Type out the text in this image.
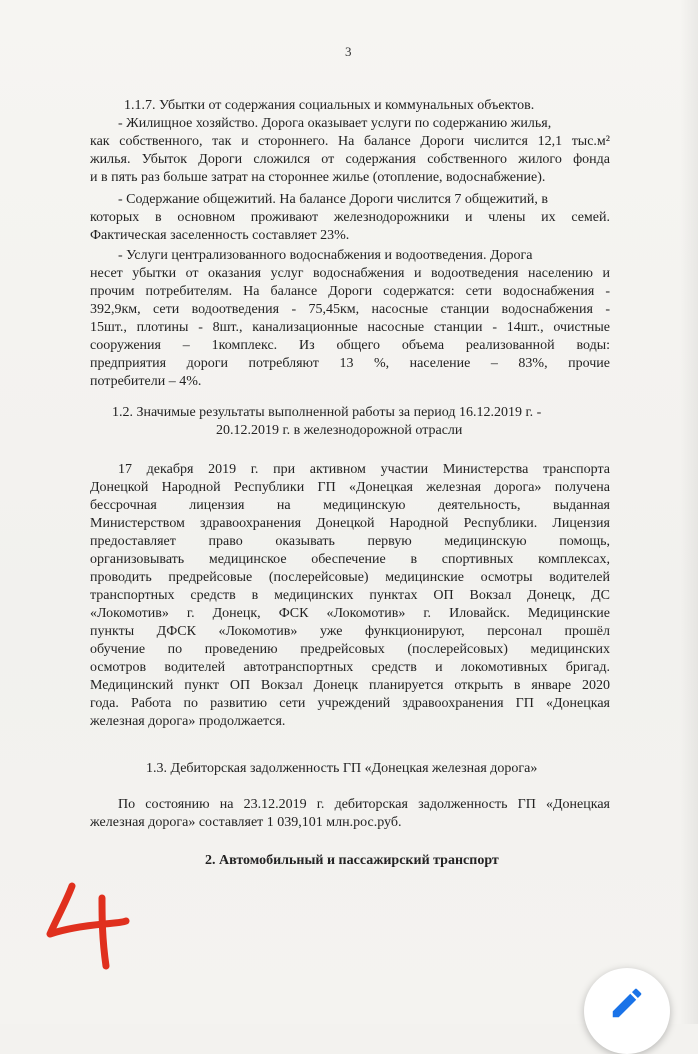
3
1.1.7. Убытки от содержания социальных и коммунальных объектов.
- Жилищное хозяйство. Дорога оказывает услуги по содержанию жилья,
как собственного, так и стороннего. На балансе Дороги числится 12,1 тыс.м²
жилья. Убыток Дороги сложился от содержания собственного жилого фонда
и в пять раз больше затрат на стороннее жилье (отопление, водоснабжение).
- Содержание общежитий. На балансе Дороги числится 7 общежитий, в
которых в основном проживают железнодорожники и члены их семей.
Фактическая заселенность составляет 23%.
- Услуги централизованного водоснабжения и водоотведения. Дорога
несет убытки от оказания услуг водоснабжения и водоотведения населению и
прочим потребителям. На балансе Дороги содержатся: сети водоснабжения -
392,9км, сети водоотведения - 75,45км, насосные станции водоснабжения -
15шт., плотины - 8шт., канализационные насосные станции - 14шт., очистные
сооружения – 1комплекс. Из общего объема реализованной воды:
предприятия дороги потребляют 13 %, население – 83%, прочие
потребители – 4%.
1.2. Значимые результаты выполненной работы за период 16.12.2019 г. -
20.12.2019 г. в железнодорожной отрасли
17 декабря 2019 г. при активном участии Министерства транспорта
Донецкой Народной Республики ГП «Донецкая железная дорога» получена
бессрочная лицензия на медицинскую деятельность, выданная
Министерством здравоохранения Донецкой Народной Республики. Лицензия
предоставляет право оказывать первую медицинскую помощь,
организовывать медицинское обеспечение в спортивных комплексах,
проводить предрейсовые (послерейсовые) медицинские осмотры водителей
транспортных средств в медицинских пунктах ОП Вокзал Донецк, ДС
«Локомотив» г. Донецк, ФСК «Локомотив» г. Иловайск. Медицинские
пункты ДФСК «Локомотив» уже функционируют, персонал прошёл
обучение по проведению предрейсовых (послерейсовых) медицинских
осмотров водителей автотранспортных средств и локомотивных бригад.
Медицинский пункт ОП Вокзал Донецк планируется открыть в январе 2020
года. Работа по развитию сети учреждений здравоохранения ГП «Донецкая
железная дорога» продолжается.
1.3. Дебиторская задолженность ГП «Донецкая железная дорога»
По состоянию на 23.12.2019 г. дебиторская задолженность ГП «Донецкая
железная дорога» составляет 1 039,101 млн.рос.руб.
2. Автомобильный и пассажирский транспорт
